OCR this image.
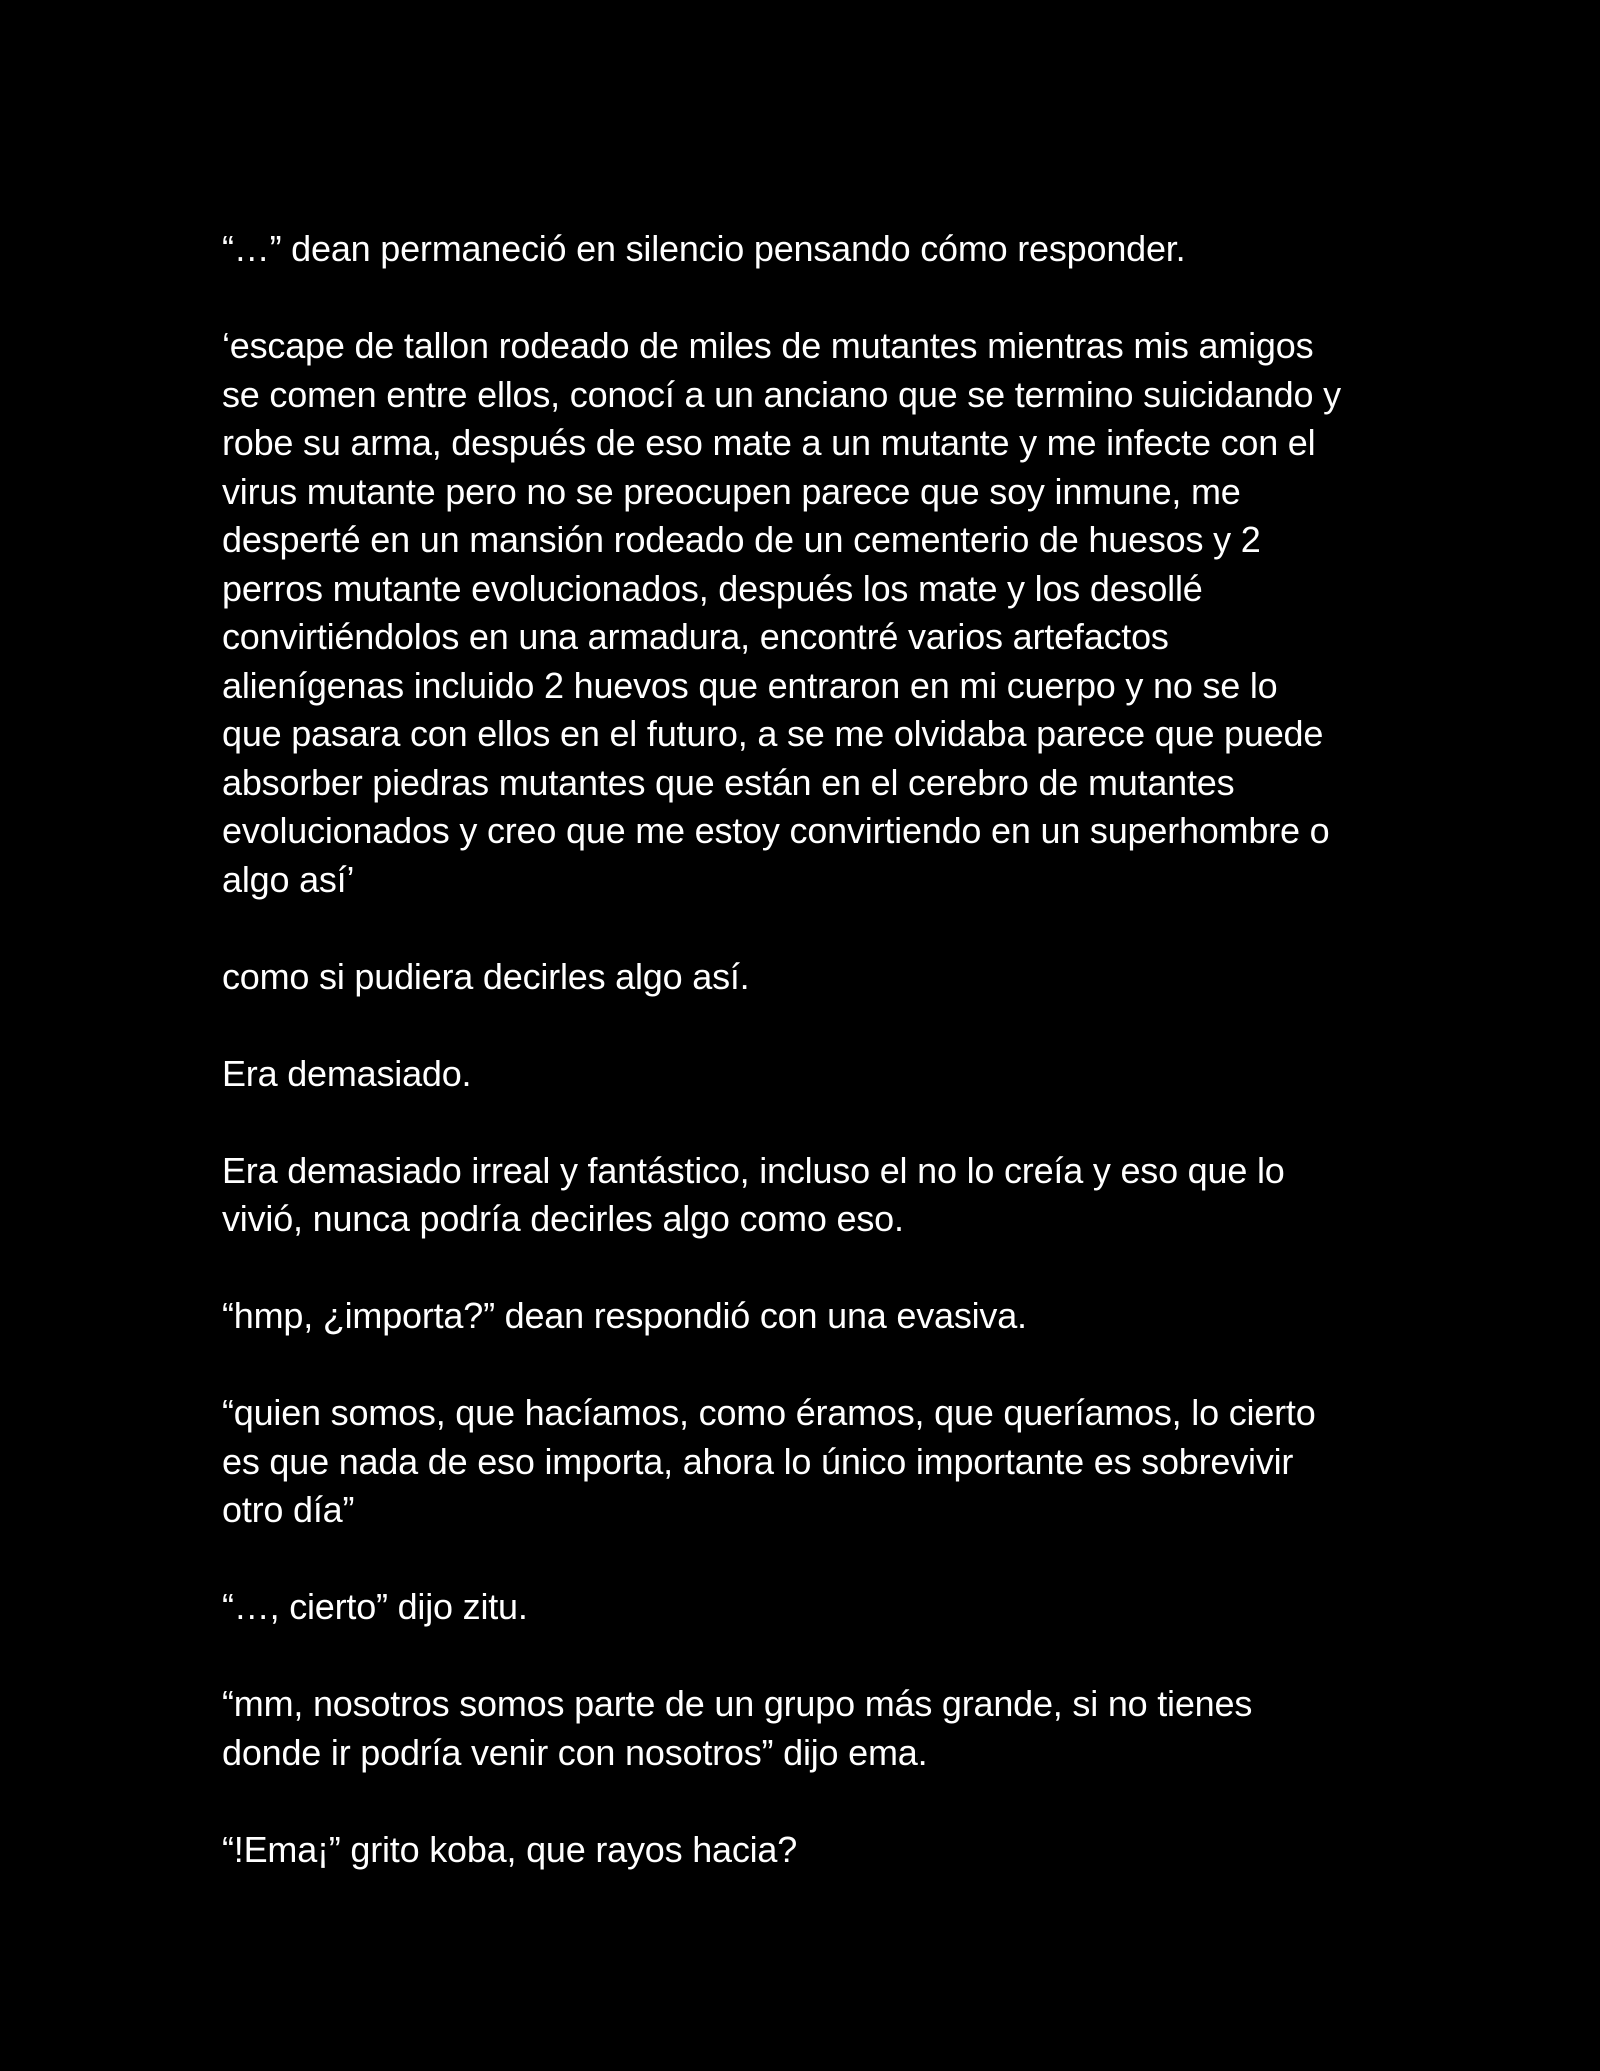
“…” dean permaneció en silencio pensando cómo responder.

‘escape de tallon rodeado de miles de mutantes mientras mis amigos
se comen entre ellos, conocí a un anciano que se termino suicidando y
robe su arma, después de eso mate a un mutante y me infecte con el
virus mutante pero no se preocupen parece que soy inmune, me
desperté en un mansión rodeado de un cementerio de huesos y 2
perros mutante evolucionados, después los mate y los desollé
convirtiéndolos en una armadura, encontré varios artefactos
alienígenas incluido 2 huevos que entraron en mi cuerpo y no se lo
que pasara con ellos en el futuro, a se me olvidaba parece que puede
absorber piedras mutantes que están en el cerebro de mutantes
evolucionados y creo que me estoy convirtiendo en un superhombre o
algo así’

como si pudiera decirles algo así.

Era demasiado.

Era demasiado irreal y fantástico, incluso el no lo creía y eso que lo
vivió, nunca podría decirles algo como eso.

“hmp, ¿importa?” dean respondió con una evasiva.

“quien somos, que hacíamos, como éramos, que queríamos, lo cierto
es que nada de eso importa, ahora lo único importante es sobrevivir
otro día”

“…, cierto” dijo zitu.

“mm, nosotros somos parte de un grupo más grande, si no tienes
donde ir podría venir con nosotros” dijo ema.

“!Ema¡” grito koba, que rayos hacia?
